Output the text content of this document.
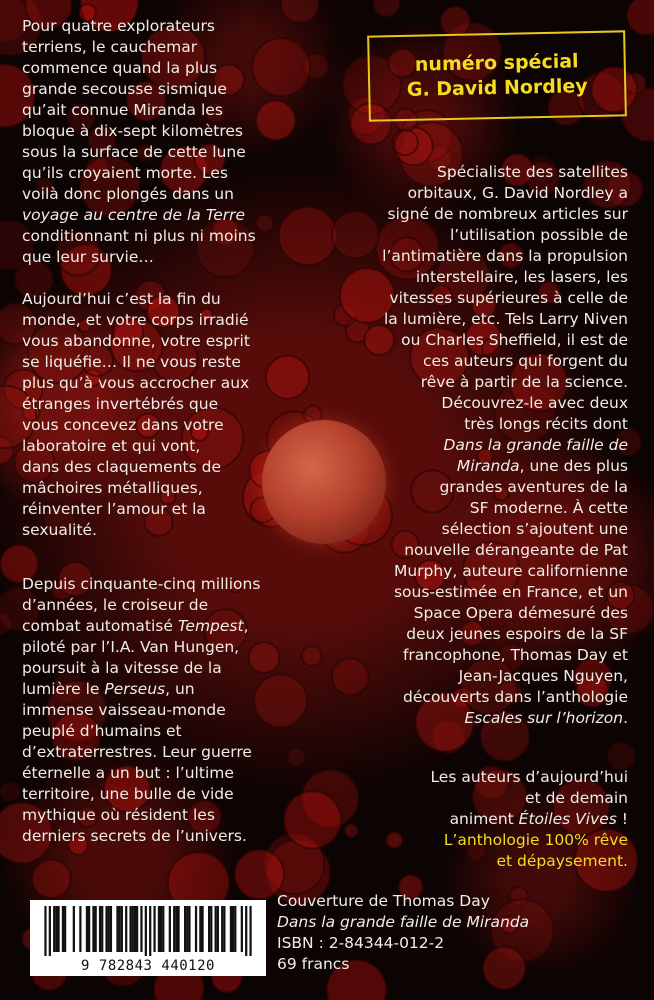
numéro spécial
G. David Nordley
Pour quatre explorateurs
terriens, le cauchemar
commence quand la plus
grande secousse sismique
qu’ait connue Miranda les
bloque à dix-sept kilomètres
sous la surface de cette lune
qu’ils croyaient morte. Les
voilà donc plongés dans un
voyage au centre de la Terre
conditionnant ni plus ni moins
que leur survie…
Aujourd’hui c’est la fin du
monde, et votre corps irradié
vous abandonne, votre esprit
se liquéfie… Il ne vous reste
plus qu’à vous accrocher aux
étranges invertébrés que
vous concevez dans votre
laboratoire et qui vont,
dans des claquements de
mâchoires métalliques,
réinventer l’amour et la
sexualité.
Depuis cinquante-cinq millions
d’années, le croiseur de
combat automatisé Tempest,
piloté par l’I.A. Van Hungen,
poursuit à la vitesse de la
lumière le Perseus, un
immense vaisseau-monde
peuplé d’humains et
d’extraterrestres. Leur guerre
éternelle a un but : l’ultime
territoire, une bulle de vide
mythique où résident les
derniers secrets de l’univers.
Spécialiste des satellites
orbitaux, G. David Nordley a
signé de nombreux articles sur
l’utilisation possible de
l’antimatière dans la propulsion
interstellaire, les lasers, les
vitesses supérieures à celle de
la lumière, etc. Tels Larry Niven
ou Charles Sheffield, il est de
ces auteurs qui forgent du
rêve à partir de la science.
Découvrez-le avec deux
très longs récits dont
Dans la grande faille de
Miranda, une des plus
grandes aventures de la
SF moderne. À cette
sélection s’ajoutent une
nouvelle dérangeante de Pat
Murphy, auteure californienne
sous-estimée en France, et un
Space Opera démesuré des
deux jeunes espoirs de la SF
francophone, Thomas Day et
Jean-Jacques Nguyen,
découverts dans l’anthologie
Escales sur l’horizon.
Les auteurs d’aujourd’hui
et de demain
animent Étoiles Vives !
L’anthologie 100% rêve
et dépaysement.
9 782843 440120
Couverture de Thomas Day
Dans la grande faille de Miranda
ISBN : 2-84344-012-2
69 francs
